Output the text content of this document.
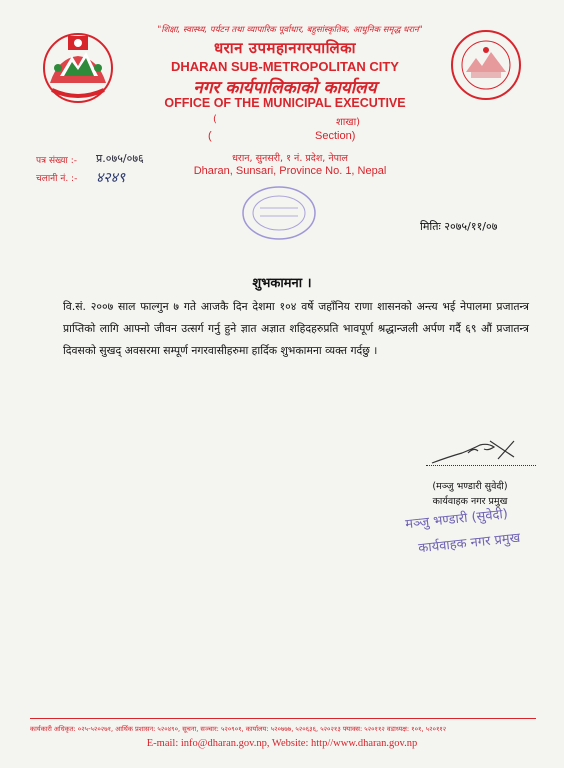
"शिक्षा, स्वास्थ्य, पर्यटन तथा व्यापारिक पूर्वाधार, बहुसांस्कृतिक, आधुनिक समृद्ध धरान"
धरान उपमहानगरपालिका
DHARAN SUB-METROPOLITAN CITY
नगर कार्यपालिकाको कार्यालय
OFFICE OF THE MUNICIPAL EXECUTIVE
(	शाखा)
(	Section)
पत्र संख्या :- प्र.०७५/०७६
चलानी नं. :- ४२४९
धरान, सुनसरी, १ नं. प्रदेश, नेपाल
Dharan, Sunsari, Province No. 1, Nepal
मितिः २०७५/११/०७
शुभकामना ।
वि.सं. २००७ साल फाल्गुन ७ गते आजकै दिन देशमा १०४ वर्षे जहाँनिय राणा शासनको अन्त्य भई नेपालमा प्रजातन्त्र प्राप्तिको लागि आफ्नो जीवन उत्सर्ग गर्नु हुने ज्ञात अज्ञात शहिदहरुप्रति भावपूर्ण श्रद्धान्जली अर्पण गर्दै ६९ औं प्रजातन्त्र दिवसको सुखद् अवसरमा सम्पूर्ण नगरवासीहरुमा हार्दिक शुभकामना व्यक्त गर्दछु ।
(मञ्जु भण्डारी सुवेदी)
कार्यवाहक नगर प्रमुख
मञ्जु भण्डारी (सुवेदी)
कार्यवाहक नगर प्रमुख
कार्यकारी अधिकृत: ०२५-५२०२७१, आर्थिक प्रशासन: ५२०४९०, सूचना, सञ्चार: ५२०९०१, कार्यालय: ५२०७७७, ५२०६३६, ५२०२१३ फ्याक्स: ५२०११२ वडाध्यक्ष: १०१, ५२०११२
E-mail: info@dharan.gov.np, Website: http//www.dharan.gov.np
